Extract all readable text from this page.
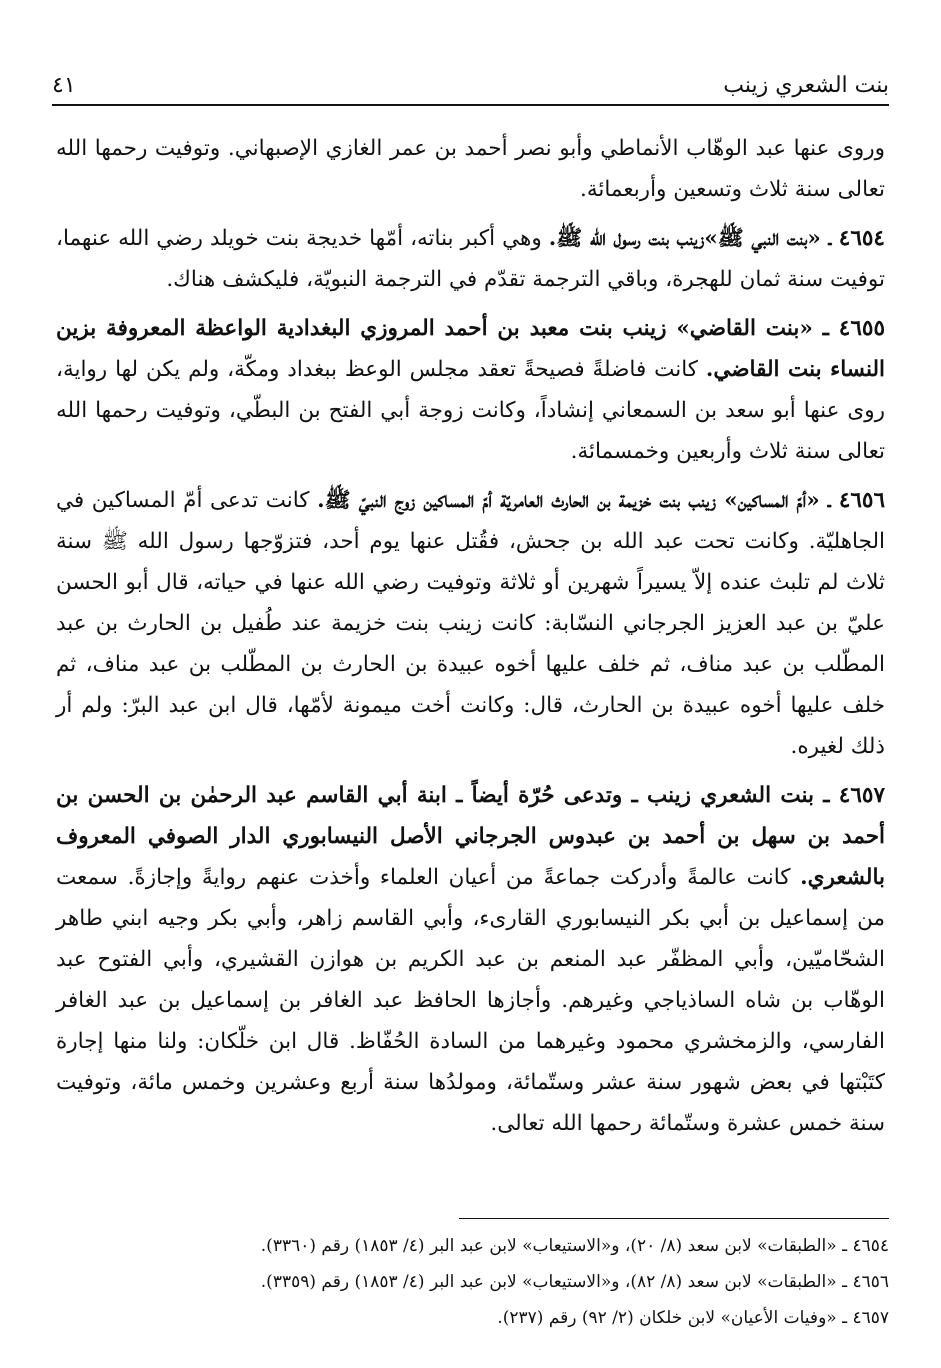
بنت الشعري زينب
٤١

وروى عنها عبد الوهّاب الأنماطي وأبو نصر أحمد بن عمر الغازي الإصبهاني. وتوفيت رحمها الله تعالى سنة ثلاث وتسعين وأربعمائة.

٤٦٥٤ ـ «بنت النبي ﷺ»زينب بنت رسول الله ﷺ. وهي أكبر بناته، أمّها خديجة بنت خويلد رضي الله عنهما، توفيت سنة ثمان للهجرة، وباقي الترجمة تقدّم في الترجمة النبويّة، فليكشف هناك.

٤٦٥٥ ـ «بنت القاضي» زينب بنت معبد بن أحمد المروزي البغدادية الواعظة المعروفة بزين النساء بنت القاضي. كانت فاضلةً فصيحةً تعقد مجلس الوعظ ببغداد ومكّة، ولم يكن لها رواية، روى عنها أبو سعد بن السمعاني إنشاداً، وكانت زوجة أبي الفتح بن البطّي، وتوفيت رحمها الله تعالى سنة ثلاث وأربعين وخمسمائة.

٤٦٥٦ ـ «أمّ المساكين» زينب بنت خزيمة بن الحارث العامريّة أمّ المساكين زوج النبيّ ﷺ. كانت تدعى أمّ المساكين في الجاهليّة. وكانت تحت عبد الله بن جحش، فقُتل عنها يوم أحد، فتزوّجها رسول الله ﷺ سنة ثلاث لم تلبث عنده إلاّ يسيراً شهرين أو ثلاثة وتوفيت رضي الله عنها في حياته، قال أبو الحسن عليّ بن عبد العزيز الجرجاني النسّابة: كانت زينب بنت خزيمة عند طُفيل بن الحارث بن عبد المطّلب بن عبد مناف، ثم خلف عليها أخوه عبيدة بن الحارث بن المطّلب بن عبد مناف، ثم خلف عليها أخوه عبيدة بن الحارث، قال: وكانت أخت ميمونة لأمّها، قال ابن عبد البرّ: ولم أر ذلك لغيره.

٤٦٥٧ ـ بنت الشعري زينب ـ وتدعى حُرّة أيضاً ـ ابنة أبي القاسم عبد الرحمٰن بن الحسن بن أحمد بن سهل بن أحمد بن عبدوس الجرجاني الأصل النيسابوري الدار الصوفي المعروف بالشعري. كانت عالمةً وأدركت جماعةً من أعيان العلماء وأخذت عنهم روايةً وإجازةً. سمعت من إسماعيل بن أبي بكر النيسابوري القارىء، وأبي القاسم زاهر، وأبي بكر وجيه ابني طاهر الشحّاميّين، وأبي المظفّر عبد المنعم بن عبد الكريم بن هوازن القشيري، وأبي الفتوح عبد الوهّاب بن شاه الساذياجي وغيرهم. وأجازها الحافظ عبد الغافر بن إسماعيل بن عبد الغافر الفارسي، والزمخشري محمود وغيرهما من السادة الحُفّاظ. قال ابن خلّكان: ولنا منها إجارة كتَبْتها في بعض شهور سنة عشر وستّمائة، ومولدُها سنة أربع وعشرين وخمس مائة، وتوفيت سنة خمس عشرة وستّمائة رحمها الله تعالى.

٤٦٥٤ ـ «الطبقات» لابن سعد (٨/ ٢٠)، و«الاستيعاب» لابن عبد البر (٤/ ١٨٥٣) رقم (٣٣٦٠).

٤٦٥٦ ـ «الطبقات» لابن سعد (٨/ ٨٢)، و«الاستيعاب» لابن عبد البر (٤/ ١٨٥٣) رقم (٣٣٥٩).

٤٦٥٧ ـ «وفيات الأعيان» لابن خلكان (٢/ ٩٢) رقم (٢٣٧).
